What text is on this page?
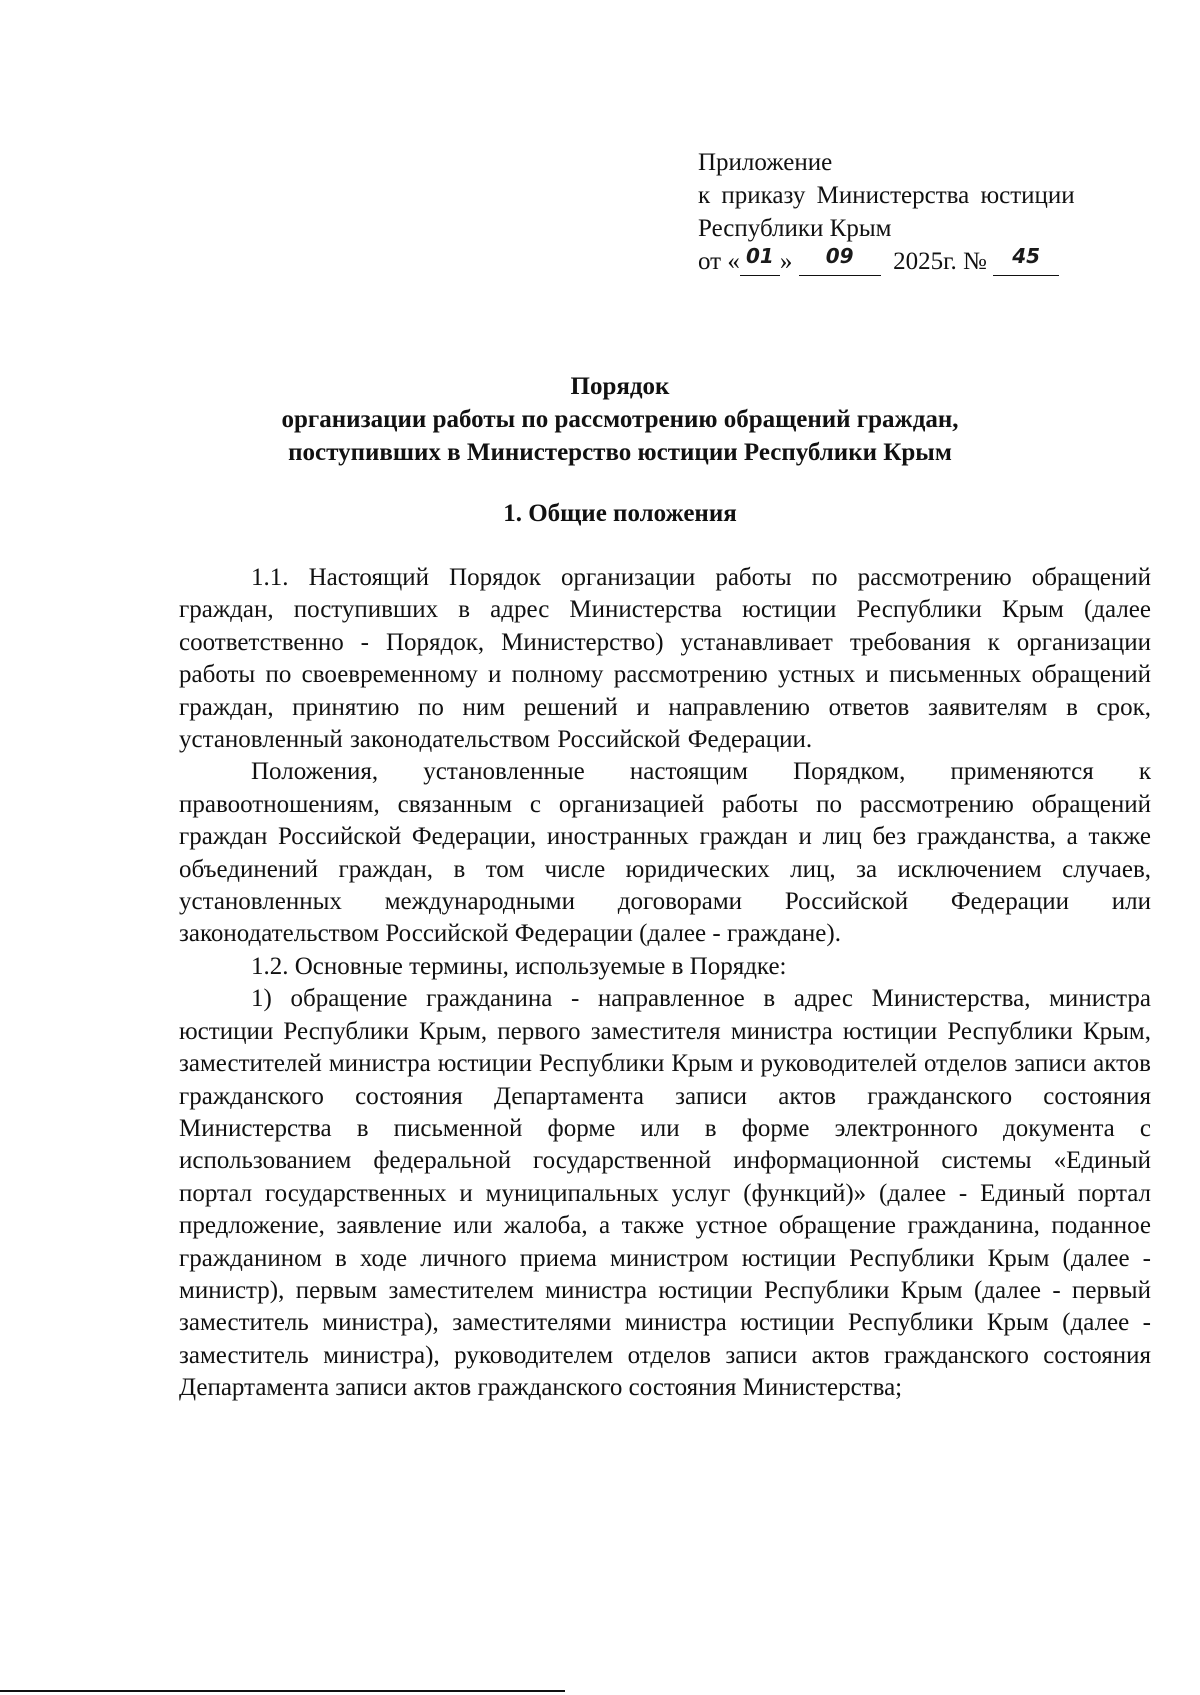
Приложение
к приказу Министерства юстиции
Республики Крым
от « $^{01}$ » $^{09}$ 2025г. № $^{45}$
Порядок
организации работы по рассмотрению обращений граждан,
поступивших в Министерство юстиции Республики Крым
1. Общие положения

1.1. Настоящий Порядок организации работы по рассмотрению обращений граждан, поступивших в адрес Министерства юстиции Республики Крым (далее соответственно - Порядок, Министерство) устанавливает требования к организации работы по своевременному и полному рассмотрению устных и письменных обращений граждан, принятию по ним решений и направлению ответов заявителям в срок, установленный законодательством Российской Федерации.

Положения, установленные настоящим Порядком, применяются к правоотношениям, связанным с организацией работы по рассмотрению обращений граждан Российской Федерации, иностранных граждан и лиц без гражданства, а также объединений граждан, в том числе юридических лиц, за исключением случаев, установленных международными договорами Российской Федерации или законодательством Российской Федерации (далее - граждане).

1.2. Основные термины, используемые в Порядке:

1) обращение гражданина - направленное в адрес Министерства, министра юстиции Республики Крым, первого заместителя министра юстиции Республики Крым, заместителей министра юстиции Республики Крым и руководителей отделов записи актов гражданского состояния Департамента записи актов гражданского состояния Министерства в письменной форме или в форме электронного документа с использованием федеральной государственной информационной системы «Единый портал государственных и муниципальных услуг (функций)» (далее - Единый портал предложение, заявление или жалоба, а также устное обращение гражданина, поданное гражданином в ходе личного приема министром юстиции Республики Крым (далее - министр), первым заместителем министра юстиции Республики Крым (далее - первый заместитель министра), заместителями министра юстиции Республики Крым (далее - заместитель министра), руководителем отделов записи актов гражданского состояния Департамента записи актов гражданского состояния Министерства;
